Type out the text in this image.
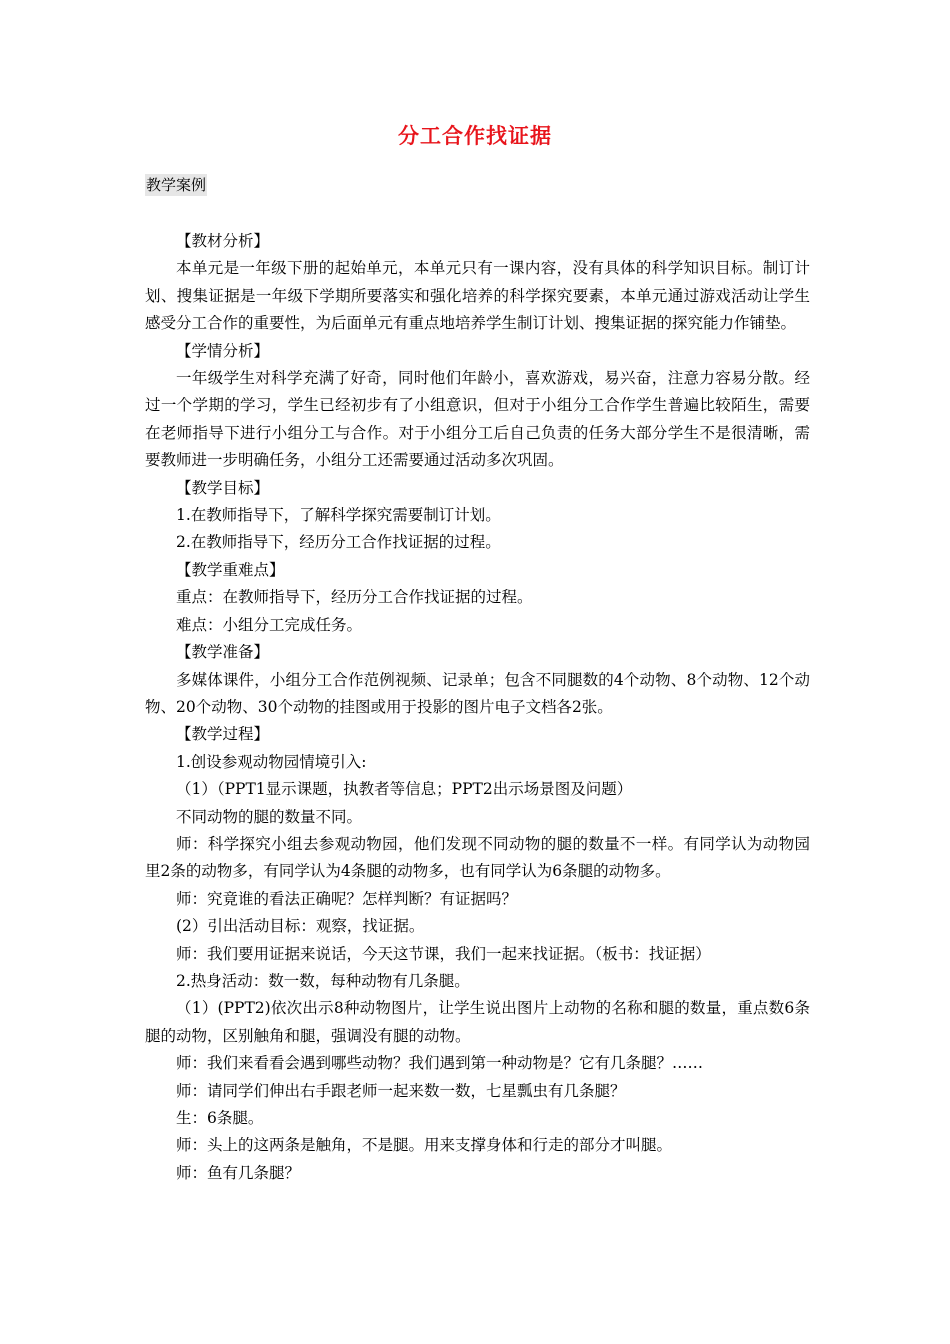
分工合作找证据
教学案例

【教材分析】

本单元是一年级下册的起始单元，本单元只有一课内容，没有具体的科学知识目标。制订计划、搜集证据是一年级下学期所要落实和强化培养的科学探究要素，本单元通过游戏活动让学生感受分工合作的重要性，为后面单元有重点地培养学生制订计划、搜集证据的探究能力作铺垫。

【学情分析】

一年级学生对科学充满了好奇，同时他们年龄小，喜欢游戏，易兴奋，注意力容易分散。经过一个学期的学习，学生已经初步有了小组意识，但对于小组分工合作学生普遍比较陌生，需要在老师指导下进行小组分工与合作。对于小组分工后自己负责的任务大部分学生不是很清晰，需要教师进一步明确任务，小组分工还需要通过活动多次巩固。

【教学目标】

1.在教师指导下，了解科学探究需要制订计划。

2.在教师指导下，经历分工合作找证据的过程。

【教学重难点】

重点：在教师指导下，经历分工合作找证据的过程。

难点：小组分工完成任务。

【教学准备】

多媒体课件，小组分工合作范例视频、记录单；包含不同腿数的4个动物、8个动物、12个动物、20个动物、30个动物的挂图或用于投影的图片电子文档各2张。

【教学过程】

1.创设参观动物园情境引入:

（1）（PPT1显示课题，执教者等信息；PPT2出示场景图及问题）

不同动物的腿的数量不同。

师：科学探究小组去参观动物园，他们发现不同动物的腿的数量不一样。有同学认为动物园里2条的动物多，有同学认为4条腿的动物多，也有同学认为6条腿的动物多。

师：究竟谁的看法正确呢？怎样判断？有证据吗？

(2）引出活动目标：观察，找证据。

师：我们要用证据来说话，今天这节课，我们一起来找证据。（板书：找证据）

2.热身活动：数一数，每种动物有几条腿。

（1）(PPT2)依次出示8种动物图片，让学生说出图片上动物的名称和腿的数量，重点数6条腿的动物，区别触角和腿，强调没有腿的动物。

师：我们来看看会遇到哪些动物？我们遇到第一种动物是？它有几条腿？……

师：请同学们伸出右手跟老师一起来数一数，七星瓢虫有几条腿？

生：6条腿。

师：头上的这两条是触角，不是腿。用来支撑身体和行走的部分才叫腿。

师：鱼有几条腿？
